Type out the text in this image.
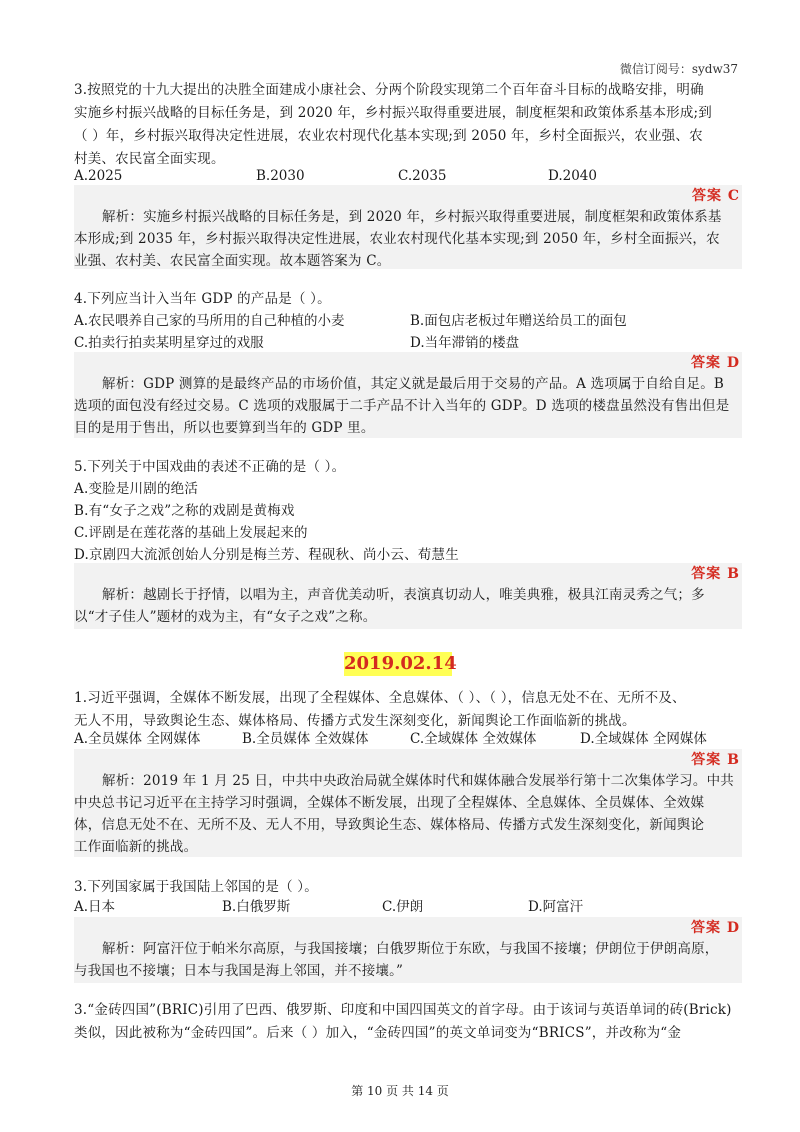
微信订阅号：sydw37
3.按照党的十九大提出的决胜全面建成小康社会、分两个阶段实现第二个百年奋斗目标的战略安排，明确
实施乡村振兴战略的目标任务是，到 2020 年，乡村振兴取得重要进展，制度框架和政策体系基本形成;到
（ ）年，乡村振兴取得决定性进展，农业农村现代化基本实现;到 2050 年，乡村全面振兴，农业强、农
村美、农民富全面实现。
A.2025	B.2030	C.2035	D.2040
答案 C
解析：实施乡村振兴战略的目标任务是，到 2020 年，乡村振兴取得重要进展，制度框架和政策体系基
本形成;到 2035 年，乡村振兴取得决定性进展，农业农村现代化基本实现;到 2050 年，乡村全面振兴，农
业强、农村美、农民富全面实现。故本题答案为 C。
4.下列应当计入当年 GDP 的产品是（ ）。
A.农民喂养自己家的马所用的自己种植的小麦	B.面包店老板过年赠送给员工的面包
C.拍卖行拍卖某明星穿过的戏服	D.当年滞销的楼盘
答案 D
解析：GDP 测算的是最终产品的市场价值，其定义就是最后用于交易的产品。A 选项属于自给自足。B
选项的面包没有经过交易。C 选项的戏服属于二手产品不计入当年的 GDP。D 选项的楼盘虽然没有售出但是
目的是用于售出，所以也要算到当年的 GDP 里。
5.下列关于中国戏曲的表述不正确的是（ ）。
A.变脸是川剧的绝活
B.有“女子之戏”之称的戏剧是黄梅戏
C.评剧是在莲花落的基础上发展起来的
D.京剧四大流派创始人分别是梅兰芳、程砚秋、尚小云、荀慧生
答案 B
解析：越剧长于抒情，以唱为主，声音优美动听，表演真切动人，唯美典雅，极具江南灵秀之气；多
以“才子佳人”题材的戏为主，有“女子之戏”之称。
2019.02.14
1.习近平强调，全媒体不断发展，出现了全程媒体、全息媒体、（ ）、（ ），信息无处不在、无所不及、
无人不用，导致舆论生态、媒体格局、传播方式发生深刻变化，新闻舆论工作面临新的挑战。
A.全员媒体 全网媒体	B.全员媒体 全效媒体	C.全域媒体 全效媒体	D.全域媒体 全网媒体
答案 B
解析：2019 年 1 月 25 日，中共中央政治局就全媒体时代和媒体融合发展举行第十二次集体学习。中共
中央总书记习近平在主持学习时强调，全媒体不断发展，出现了全程媒体、全息媒体、全员媒体、全效媒
体，信息无处不在、无所不及、无人不用，导致舆论生态、媒体格局、传播方式发生深刻变化，新闻舆论
工作面临新的挑战。
3.下列国家属于我国陆上邻国的是（ ）。
A.日本	B.白俄罗斯	C.伊朗	D.阿富汗
答案 D
解析：阿富汗位于帕米尔高原，与我国接壤；白俄罗斯位于东欧，与我国不接壤；伊朗位于伊朗高原，
与我国也不接壤；日本与我国是海上邻国，并不接壤。”
3.“金砖四国”(BRIC)引用了巴西、俄罗斯、印度和中国四国英文的首字母。由于该词与英语单词的砖(Brick)
类似，因此被称为“金砖四国”。后来（ ）加入，“金砖四国”的英文单词变为“BRICS”，并改称为“金
第 10 页 共 14 页
